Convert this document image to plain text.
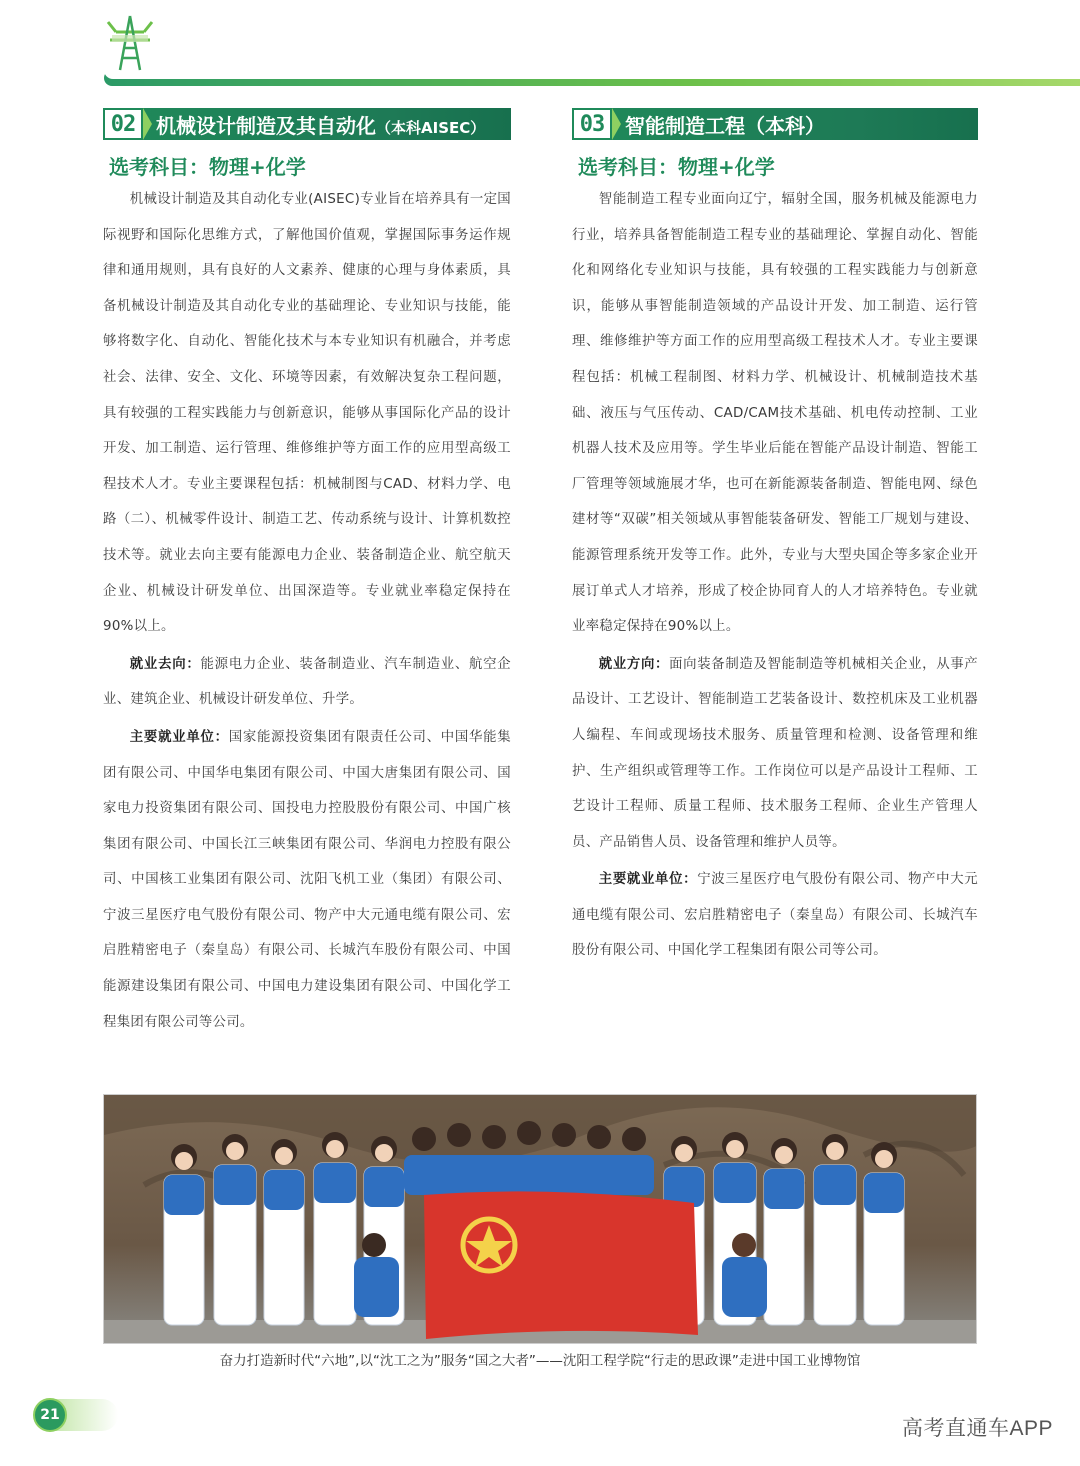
02	机械设计制造及其自动化（本科AISEC）
选考科目：物理+化学

机械设计制造及其自动化专业(AISEC)专业旨在培养具有一定国际视野和国际化思维方式，了解他国价值观，掌握国际事务运作规律和通用规则，具有良好的人文素养、健康的心理与身体素质，具备机械设计制造及其自动化专业的基础理论、专业知识与技能，能够将数字化、自动化、智能化技术与本专业知识有机融合，并考虑社会、法律、安全、文化、环境等因素，有效解决复杂工程问题，具有较强的工程实践能力与创新意识，能够从事国际化产品的设计开发、加工制造、运行管理、维修维护等方面工作的应用型高级工程技术人才。专业主要课程包括：机械制图与CAD、材料力学、电路（二）、机械零件设计、制造工艺、传动系统与设计、计算机数控技术等。就业去向主要有能源电力企业、装备制造企业、航空航天企业、机械设计研发单位、出国深造等。专业就业率稳定保持在90%以上。

就业去向：能源电力企业、装备制造业、汽车制造业、航空企业、建筑企业、机械设计研发单位、升学。

主要就业单位：国家能源投资集团有限责任公司、中国华能集团有限公司、中国华电集团有限公司、中国大唐集团有限公司、国家电力投资集团有限公司、国投电力控股股份有限公司、中国广核集团有限公司、中国长江三峡集团有限公司、华润电力控股有限公司、中国核工业集团有限公司、沈阳飞机工业（集团）有限公司、宁波三星医疗电气股份有限公司、物产中大元通电缆有限公司、宏启胜精密电子（秦皇岛）有限公司、长城汽车股份有限公司、中国能源建设集团有限公司、中国电力建设集团有限公司、中国化学工程集团有限公司等公司。

03	智能制造工程（本科）
选考科目：物理+化学

智能制造工程专业面向辽宁，辐射全国，服务机械及能源电力行业，培养具备智能制造工程专业的基础理论、掌握自动化、智能化和网络化专业知识与技能，具有较强的工程实践能力与创新意识，能够从事智能制造领域的产品设计开发、加工制造、运行管理、维修维护等方面工作的应用型高级工程技术人才。专业主要课程包括：机械工程制图、材料力学、机械设计、机械制造技术基础、液压与气压传动、CAD/CAM技术基础、机电传动控制、工业机器人技术及应用等。学生毕业后能在智能产品设计制造、智能工厂管理等领域施展才华，也可在新能源装备制造、智能电网、绿色建材等“双碳”相关领域从事智能装备研发、智能工厂规划与建设、能源管理系统开发等工作。此外，专业与大型央国企等多家企业开展订单式人才培养，形成了校企协同育人的人才培养特色。专业就业率稳定保持在90%以上。

就业方向：面向装备制造及智能制造等机械相关企业，从事产品设计、工艺设计、智能制造工艺装备设计、数控机床及工业机器人编程、车间或现场技术服务、质量管理和检测、设备管理和维护、生产组织或管理等工作。工作岗位可以是产品设计工程师、工艺设计工程师、质量工程师、技术服务工程师、企业生产管理人员、产品销售人员、设备管理和维护人员等。

主要就业单位：宁波三星医疗电气股份有限公司、物产中大元通电缆有限公司、宏启胜精密电子（秦皇岛）有限公司、长城汽车股份有限公司、中国化学工程集团有限公司等公司。

奋力打造新时代“六地”,以“沈工之为”服务“国之大者”——沈阳工程学院“行走的思政课”走进中国工业博物馆
21
高考直通车APP
